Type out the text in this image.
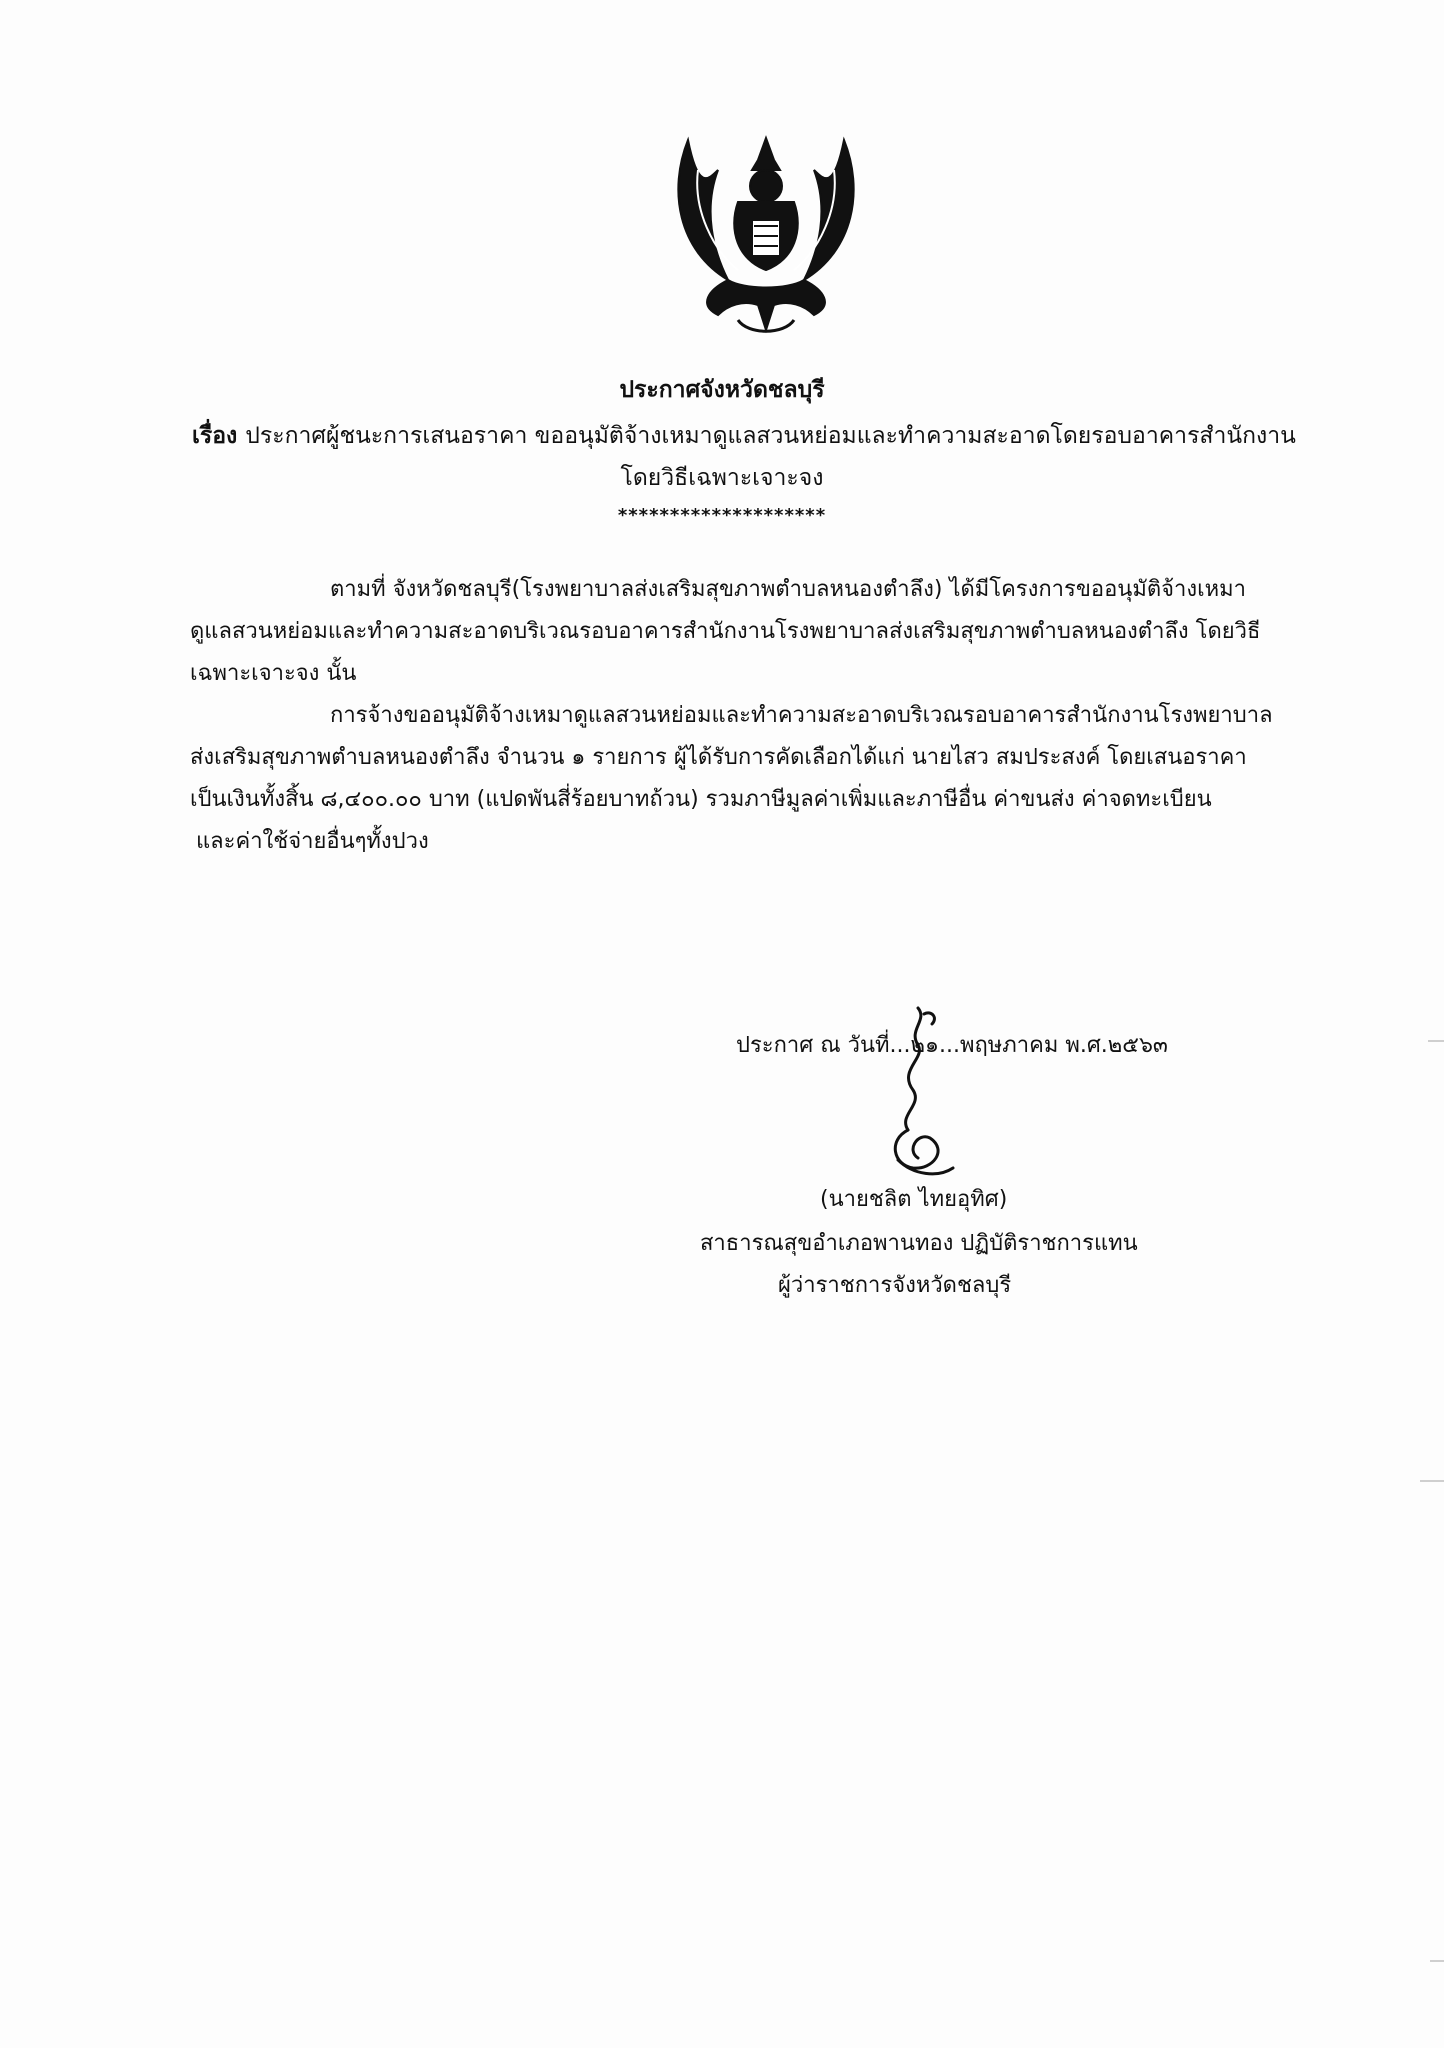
ประกาศจังหวัดชลบุรี
เรื่อง ประกาศผู้ชนะการเสนอราคา ขออนุมัติจ้างเหมาดูแลสวนหย่อมและทำความสะอาดโดยรอบอาคารสำนักงาน
โดยวิธีเฉพาะเจาะจง
********************
ตามที่ จังหวัดชลบุรี(โรงพยาบาลส่งเสริมสุขภาพตำบลหนองตำลึง) ได้มีโครงการขออนุมัติจ้างเหมา
ดูแลสวนหย่อมและทำความสะอาดบริเวณรอบอาคารสำนักงานโรงพยาบาลส่งเสริมสุขภาพตำบลหนองตำลึง โดยวิธี
เฉพาะเจาะจง นั้น
การจ้างขออนุมัติจ้างเหมาดูแลสวนหย่อมและทำความสะอาดบริเวณรอบอาคารสำนักงานโรงพยาบาล
ส่งเสริมสุขภาพตำบลหนองตำลึง จำนวน ๑ รายการ ผู้ได้รับการคัดเลือกได้แก่ นายไสว สมประสงค์ โดยเสนอราคา
เป็นเงินทั้งสิ้น ๘,๔๐๐.๐๐ บาท (แปดพันสี่ร้อยบาทถ้วน) รวมภาษีมูลค่าเพิ่มและภาษีอื่น ค่าขนส่ง ค่าจดทะเบียน
และค่าใช้จ่ายอื่นๆทั้งปวง
ประกาศ ณ วันที่...๒๑...พฤษภาคม พ.ศ.๒๕๖๓
(นายชลิต ไทยอุทิศ)
สาธารณสุขอำเภอพานทอง ปฏิบัติราชการแทน
ผู้ว่าราชการจังหวัดชลบุรี
